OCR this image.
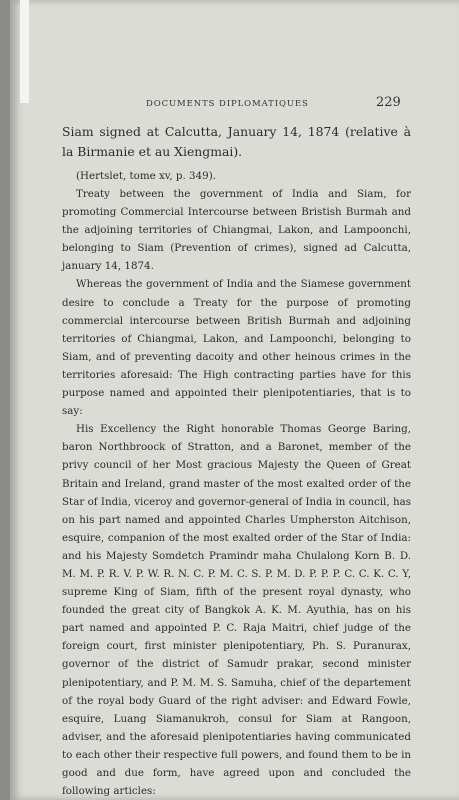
DOCUMENTS DIPLOMATIQUES	229

Siam signed at Calcutta, January 14, 1874 (relative à la Birmanie et au Xiengmai).

(Hertslet, tome xv, p. 349).

Treaty between the government of India and Siam, for promoting Commercial Intercourse between Bristish Burmah and the adjoining territories of Chiangmai, Lakon, and Lampoonchi, belonging to Siam (Prevention of crimes), signed ad Calcutta, january 14, 1874.

Whereas the government of India and the Siamese government desire to conclude a Treaty for the purpose of promoting commercial intercourse between British Burmah and adjoining territories of Chiangmai, Lakon, and Lampoonchi, belonging to Siam, and of preventing dacoity and other heinous crimes in the territories aforesaid: The High contracting parties have for this purpose named and appointed their plenipotentiaries, that is to say:

His Excellency the Right honorable Thomas George Baring, baron Northbroock of Stratton, and a Baronet, member of the privy council of her Most gracious Majesty the Queen of Great Britain and Ireland, grand master of the most exalted order of the Star of India, viceroy and governor-general of India in council, has on his part named and appointed Charles Umpherston Aitchison, esquire, companion of the most exalted order of the Star of India: and his Majesty Somdetch Pramindr maha Chulalong Korn B. D. M. M. P. R. V. P. W. R. N. C. P. M. C. S. P. M. D. P. P. P. C. C. K. C. Y, supreme King of Siam, fifth of the present royal dynasty, who founded the great city of Bangkok A. K. M. Ayuthia, has on his part named and appointed P. C. Raja Maitri, chief judge of the foreign court, first minister plenipotentiary, Ph. S. Puranurax, governor of the district of Samudr prakar, second minister plenipotentiary, and P. M. M. S. Samuha, chief of the departement of the royal body Guard of the right adviser: and Edward Fowle, esquire, Luang Siamanukroh, consul for Siam at Rangoon, adviser, and the aforesaid plenipotentiaries having communicated to each other their respective full powers, and found them to be in good and due form, have agreed upon and concluded the following articles:
